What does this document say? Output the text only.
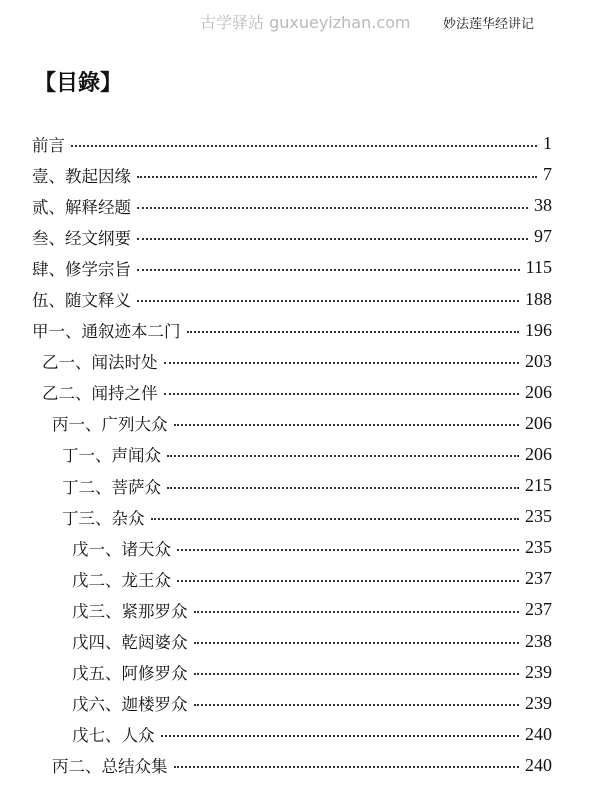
古学驿站 guxueyizhan.com	妙法莲华经讲记
【目錄】
前言	1
壹、教起因缘	7
贰、解释经题	38
叁、经文纲要	97
肆、修学宗旨	115
伍、随文释义	188
甲一、通叙迹本二门	196
乙一、闻法时处	203
乙二、闻持之伴	206
丙一、广列大众	206
丁一、声闻众	206
丁二、菩萨众	215
丁三、杂众	235
戊一、诸天众	235
戊二、龙王众	237
戊三、紧那罗众	237
戊四、乾闼婆众	238
戊五、阿修罗众	239
戊六、迦楼罗众	239
戊七、人众	240
丙二、总结众集	240
